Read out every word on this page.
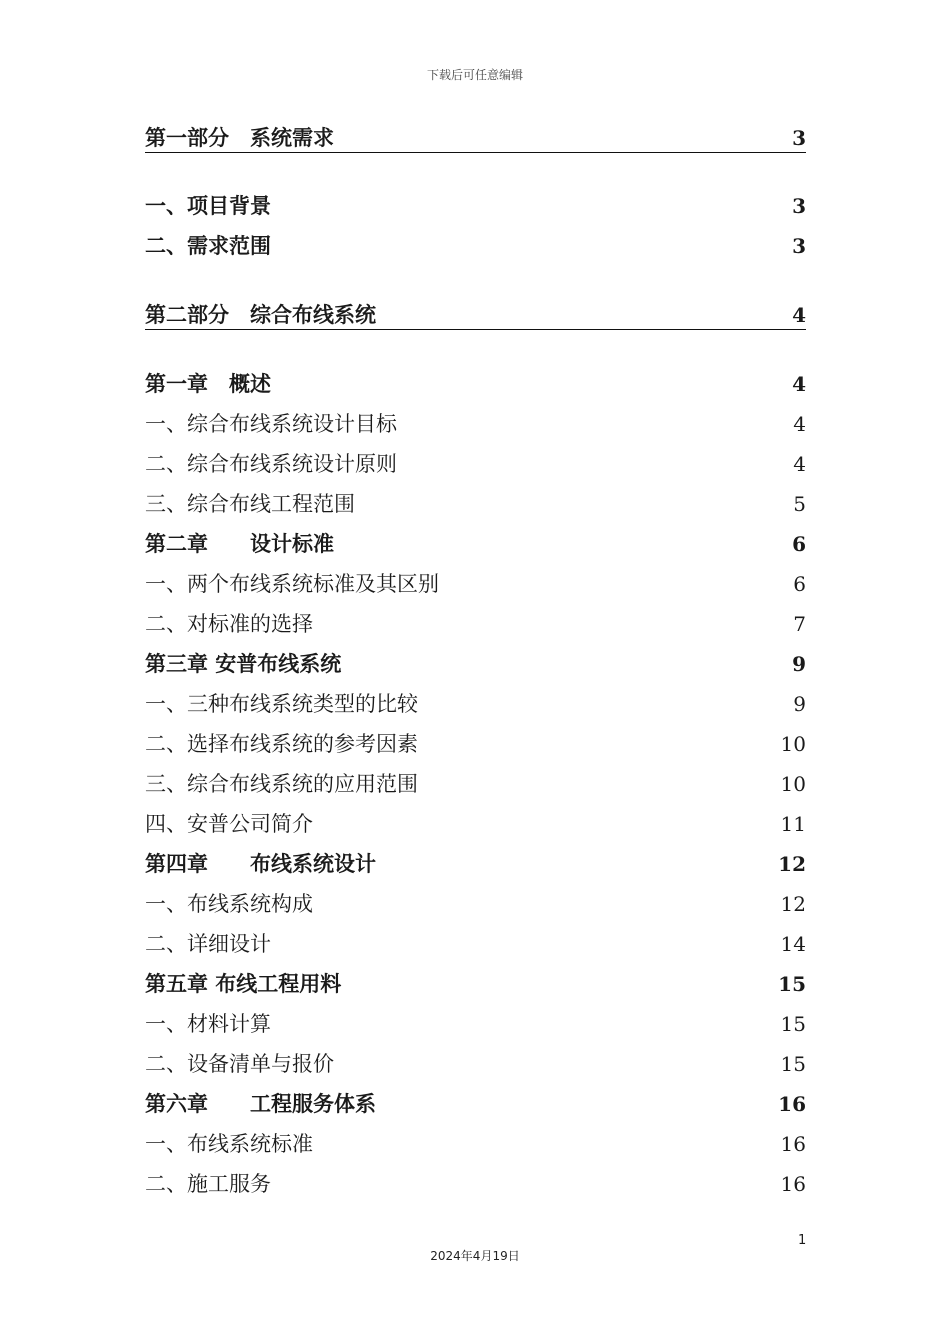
下载后可任意编辑
第一部分　系统需求	3
一、项目背景	3
二、需求范围	3
第二部分　综合布线系统	4
第一章　概述	4
一、综合布线系统设计目标	4
二、综合布线系统设计原则	4
三、综合布线工程范围	5
第二章　　设计标准	6
一、两个布线系统标准及其区别	6
二、对标准的选择	7
第三章 安普布线系统	9
一、三种布线系统类型的比较	9
二、选择布线系统的参考因素	10
三、综合布线系统的应用范围	10
四、安普公司简介	11
第四章　　布线系统设计	12
一、布线系统构成	12
二、详细设计	14
第五章 布线工程用料	15
一、材料计算	15
二、设备清单与报价	15
第六章　　工程服务体系	16
一、布线系统标准	16
二、施工服务	16
1
2024年4月19日
